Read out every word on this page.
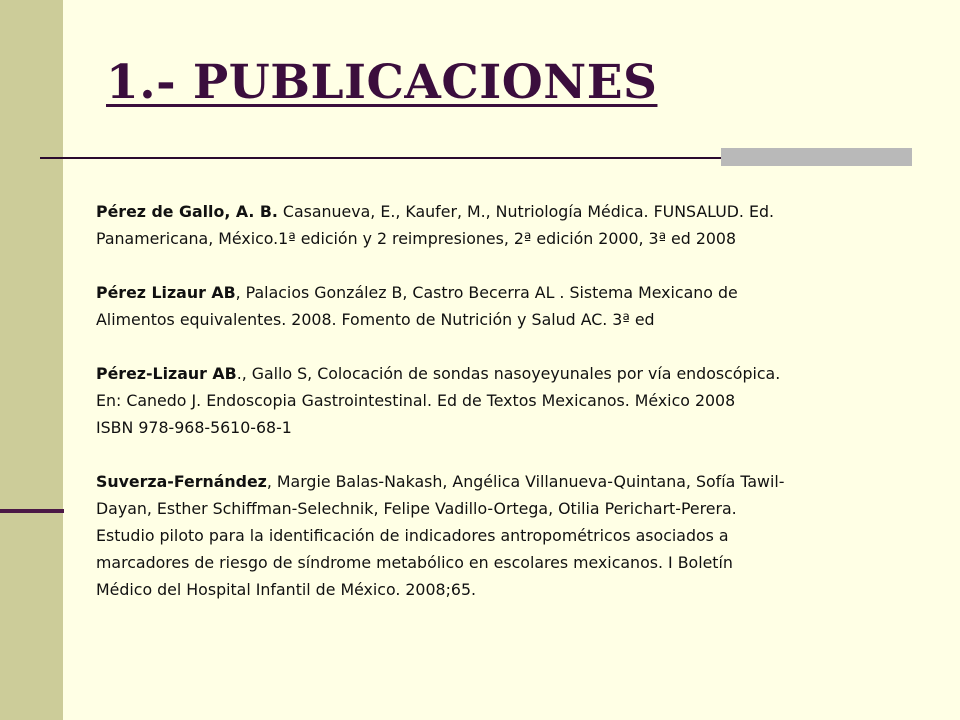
1.- PUBLICACIONES
Pérez de Gallo, A. B. Casanueva, E., Kaufer, M., Nutriología Médica. FUNSALUD. Ed.
Panamericana, México.1ª edición y 2 reimpresiones, 2ª edición 2000, 3ª ed 2008
Pérez Lizaur AB, Palacios González B, Castro Becerra AL . Sistema Mexicano de
Alimentos equivalentes. 2008. Fomento de Nutrición y Salud AC. 3ª ed
Pérez-Lizaur AB., Gallo S, Colocación de sondas nasoyeyunales por vía endoscópica.
En: Canedo J. Endoscopia Gastrointestinal. Ed de Textos Mexicanos. México 2008
ISBN 978-968-5610-68-1
Suverza-Fernández, Margie Balas-Nakash, Angélica Villanueva-Quintana, Sofía Tawil-
Dayan, Esther Schiffman-Selechnik, Felipe Vadillo-Ortega, Otilia Perichart-Perera.
Estudio piloto para la identificación de indicadores antropométricos asociados a
marcadores de riesgo de síndrome metabólico en escolares mexicanos. I Boletín
Médico del Hospital Infantil de México. 2008;65.
